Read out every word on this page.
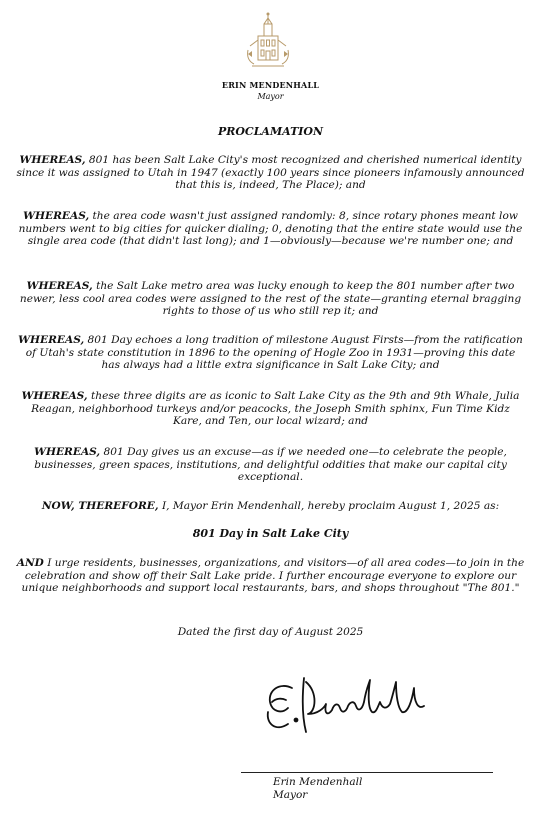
ERIN MENDENHALL
Mayor

PROCLAMATION

WHEREAS, 801 has been Salt Lake City's most recognized and cherished numerical identity since it was assigned to Utah in 1947 (exactly 100 years since pioneers infamously announced that this is, indeed, The Place); and

WHEREAS, the area code wasn't just assigned randomly: 8, since rotary phones meant low numbers went to big cities for quicker dialing; 0, denoting that the entire state would use the single area code (that didn't last long); and 1—obviously—because we're number one; and

WHEREAS, the Salt Lake metro area was lucky enough to keep the 801 number after two newer, less cool area codes were assigned to the rest of the state—granting eternal bragging rights to those of us who still rep it; and

WHEREAS, 801 Day echoes a long tradition of milestone August Firsts—from the ratification of Utah's state constitution in 1896 to the opening of Hogle Zoo in 1931—proving this date has always had a little extra significance in Salt Lake City; and

WHEREAS, these three digits are as iconic to Salt Lake City as the 9th and 9th Whale, Julia Reagan, neighborhood turkeys and/or peacocks, the Joseph Smith sphinx, Fun Time Kidz Kare, and Ten, our local wizard; and

WHEREAS, 801 Day gives us an excuse—as if we needed one—to celebrate the people, businesses, green spaces, institutions, and delightful oddities that make our capital city exceptional.

NOW, THEREFORE, I, Mayor Erin Mendenhall, hereby proclaim August 1, 2025 as:

801 Day in Salt Lake City

AND I urge residents, businesses, organizations, and visitors—of all area codes—to join in the celebration and show off their Salt Lake pride. I further encourage everyone to explore our unique neighborhoods and support local restaurants, bars, and shops throughout "The 801."

Dated the first day of August 2025

Erin Mendenhall
Mayor
